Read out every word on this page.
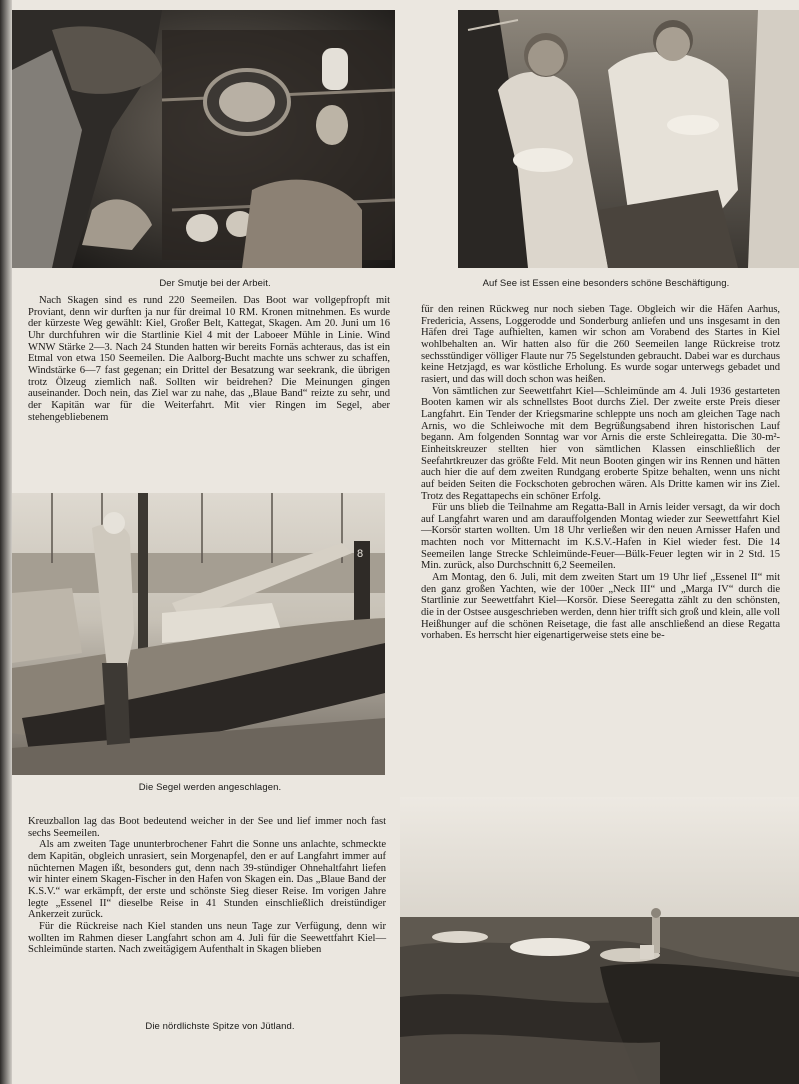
Der Smutje bei der Arbeit.	Auf See ist Essen eine besonders schöne Beschäftigung.

Nach Skagen sind es rund 220 Seemeilen. Das Boot war vollgepfropft mit Proviant, denn wir durften ja nur für dreimal 10 RM. Kronen mitnehmen. Es wurde der kürzeste Weg gewählt: Kiel, Großer Belt, Kattegat, Skagen. Am 20. Juni um 16 Uhr durchfuhren wir die Startlinie Kiel 4 mit der Laboeer Mühle in Linie. Wind WNW Stärke 2—3. Nach 24 Stunden hatten wir bereits Fornäs achteraus, das ist ein Etmal von etwa 150 Seemeilen. Die Aalborg-Bucht machte uns schwer zu schaffen, Windstärke 6—7 fast gegenan; ein Drittel der Besatzung war seekrank, die übrigen trotz Ölzeug ziemlich naß. Sollten wir beidrehen? Die Meinungen gingen auseinander. Doch nein, das Ziel war zu nahe, das „Blaue Band“ reizte zu sehr, und der Kapitän war für die Weiterfahrt. Mit vier Ringen im Segel, aber stehengebliebenem

8
Die Segel werden angeschlagen.

Kreuzballon lag das Boot bedeutend weicher in der See und lief immer noch fast sechs Seemeilen.

Als am zweiten Tage ununterbrochener Fahrt die Sonne uns anlachte, schmeckte dem Kapitän, obgleich unrasiert, sein Morgenapfel, den er auf Langfahrt immer auf nüchternen Magen ißt, besonders gut, denn nach 39-stündiger Ohnehaltfahrt liefen wir hinter einem Skagen-Fischer in den Hafen von Skagen ein. Das „Blaue Band der K.S.V.“ war erkämpft, der erste und schönste Sieg dieser Reise. Im vorigen Jahre legte „Essenel II“ dieselbe Reise in 41 Stunden einschließlich dreistündiger Ankerzeit zurück.

Für die Rückreise nach Kiel standen uns neun Tage zur Verfügung, denn wir wollten im Rahmen dieser Langfahrt schon am 4. Juli für die Seewettfahrt Kiel—Schleimünde starten. Nach zweitägigem Aufenthalt in Skagen blieben

Die nördlichste Spitze von Jütland.

für den reinen Rückweg nur noch sieben Tage. Obgleich wir die Häfen Aarhus, Fredericia, Assens, Loggerodde und Sonderburg anliefen und uns insgesamt in den Häfen drei Tage aufhielten, kamen wir schon am Vorabend des Startes in Kiel wohlbehalten an. Wir hatten also für die 260 Seemeilen lange Rückreise trotz sechsstündiger völliger Flaute nur 75 Segelstunden gebraucht. Dabei war es durchaus keine Hetzjagd, es war köstliche Erholung. Es wurde sogar unterwegs gebadet und rasiert, und das will doch schon was heißen.

Von sämtlichen zur Seewettfahrt Kiel—Schleimünde am 4. Juli 1936 gestarteten Booten kamen wir als schnellstes Boot durchs Ziel. Der zweite erste Preis dieser Langfahrt. Ein Tender der Kriegsmarine schleppte uns noch am gleichen Tage nach Arnis, wo die Schleiwoche mit dem Begrüßungsabend ihren historischen Lauf begann. Am folgenden Sonntag war vor Arnis die erste Schleiregatta. Die 30-m²-Einheitskreuzer stellten hier von sämtlichen Klassen einschließlich der Seefahrtkreuzer das größte Feld. Mit neun Booten gingen wir ins Rennen und hätten auch hier die auf dem zweiten Rundgang eroberte Spitze behalten, wenn uns nicht auf beiden Seiten die Fockschoten gebrochen wären. Als Dritte kamen wir ins Ziel. Trotz des Regattapechs ein schöner Erfolg.

Für uns blieb die Teilnahme am Regatta-Ball in Arnis leider versagt, da wir doch auf Langfahrt waren und am darauffolgenden Montag wieder zur Seewettfahrt Kiel—Korsör starten wollten. Um 18 Uhr verließen wir den neuen Arnisser Hafen und machten noch vor Mitternacht im K.S.V.-Hafen in Kiel wieder fest. Die 14 Seemeilen lange Strecke Schleimünde-Feuer—Bülk-Feuer legten wir in 2 Std. 15 Min. zurück, also Durchschnitt 6,2 Seemeilen.

Am Montag, den 6. Juli, mit dem zweiten Start um 19 Uhr lief „Essenel II“ mit den ganz großen Yachten, wie der 100er „Neck III“ und „Marga IV“ durch die Startlinie zur Seewettfahrt Kiel—Korsör. Diese Seeregatta zählt zu den schönsten, die in der Ostsee ausgeschrieben werden, denn hier trifft sich groß und klein, alle voll Heißhunger auf die schönen Reisetage, die fast alle anschließend an diese Regatta vorhaben. Es herrscht hier eigenartigerweise stets eine be-
